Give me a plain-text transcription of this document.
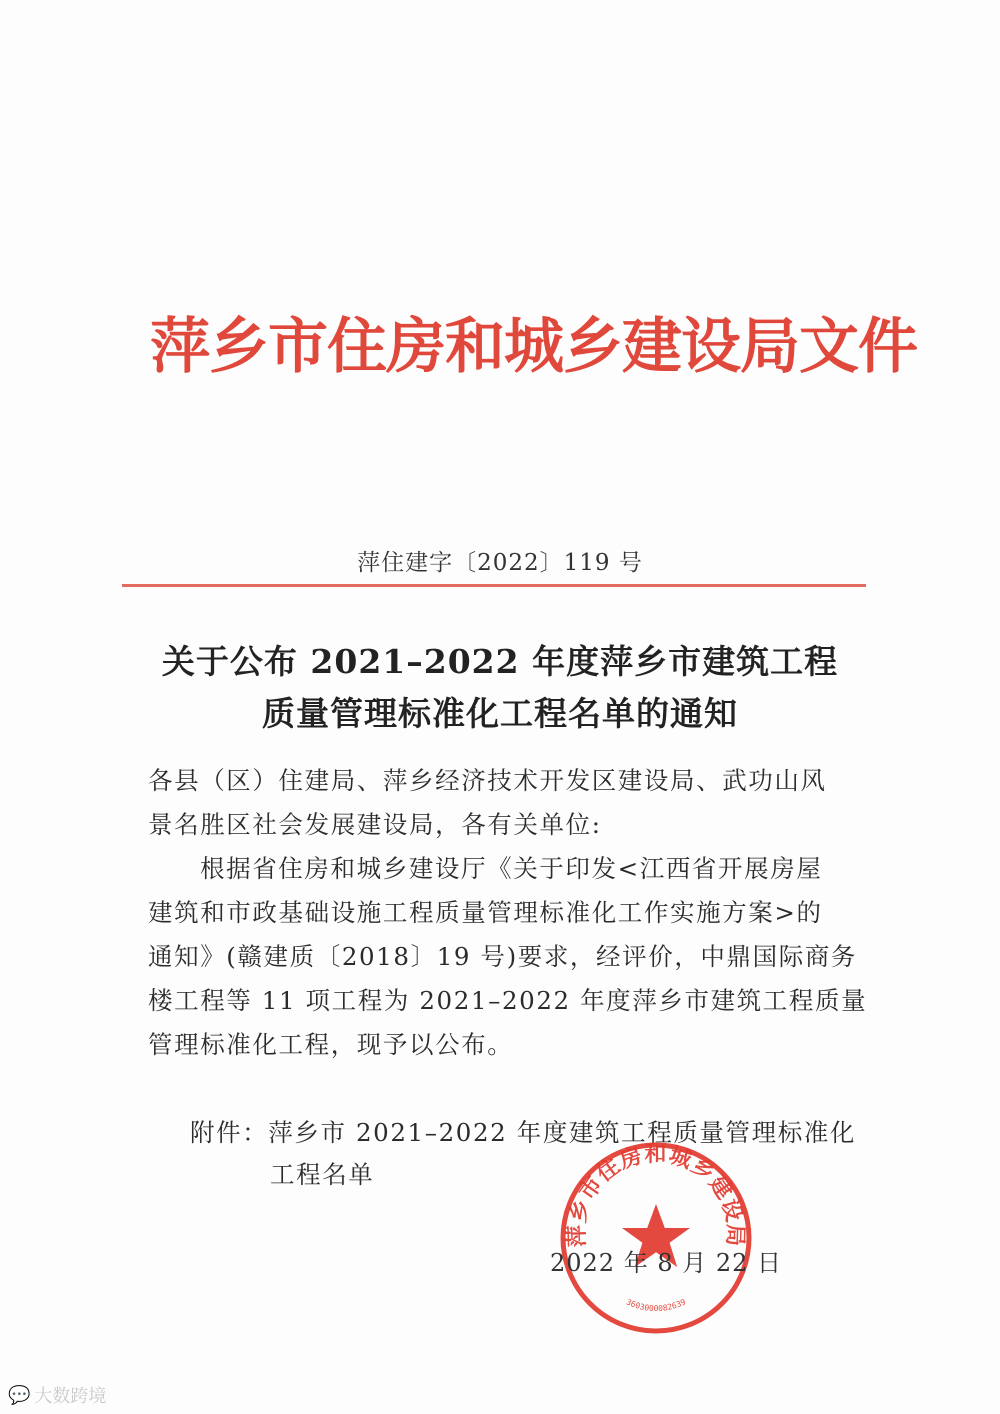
萍乡市住房和城乡建设局文件
萍住建字〔2022〕119 号
关于公布 2021–2022 年度萍乡市建筑工程
质量管理标准化工程名单的通知
各县（区）住建局、萍乡经济技术开发区建设局、武功山风
景名胜区社会发展建设局，各有关单位:
根据省住房和城乡建设厅《关于印发<江西省开展房屋
建筑和市政基础设施工程质量管理标准化工作实施方案>的
通知》(赣建质〔2018〕19 号)要求，经评价，中鼎国际商务
楼工程等 11 项工程为 2021–2022 年度萍乡市建筑工程质量
管理标准化工程，现予以公布。
附件：萍乡市 2021–2022 年度建筑工程质量管理标准化
工程名单
萍乡市住房和城乡建设局
3603000082639
2022 年 8 月 22 日
💬 大数跨境
